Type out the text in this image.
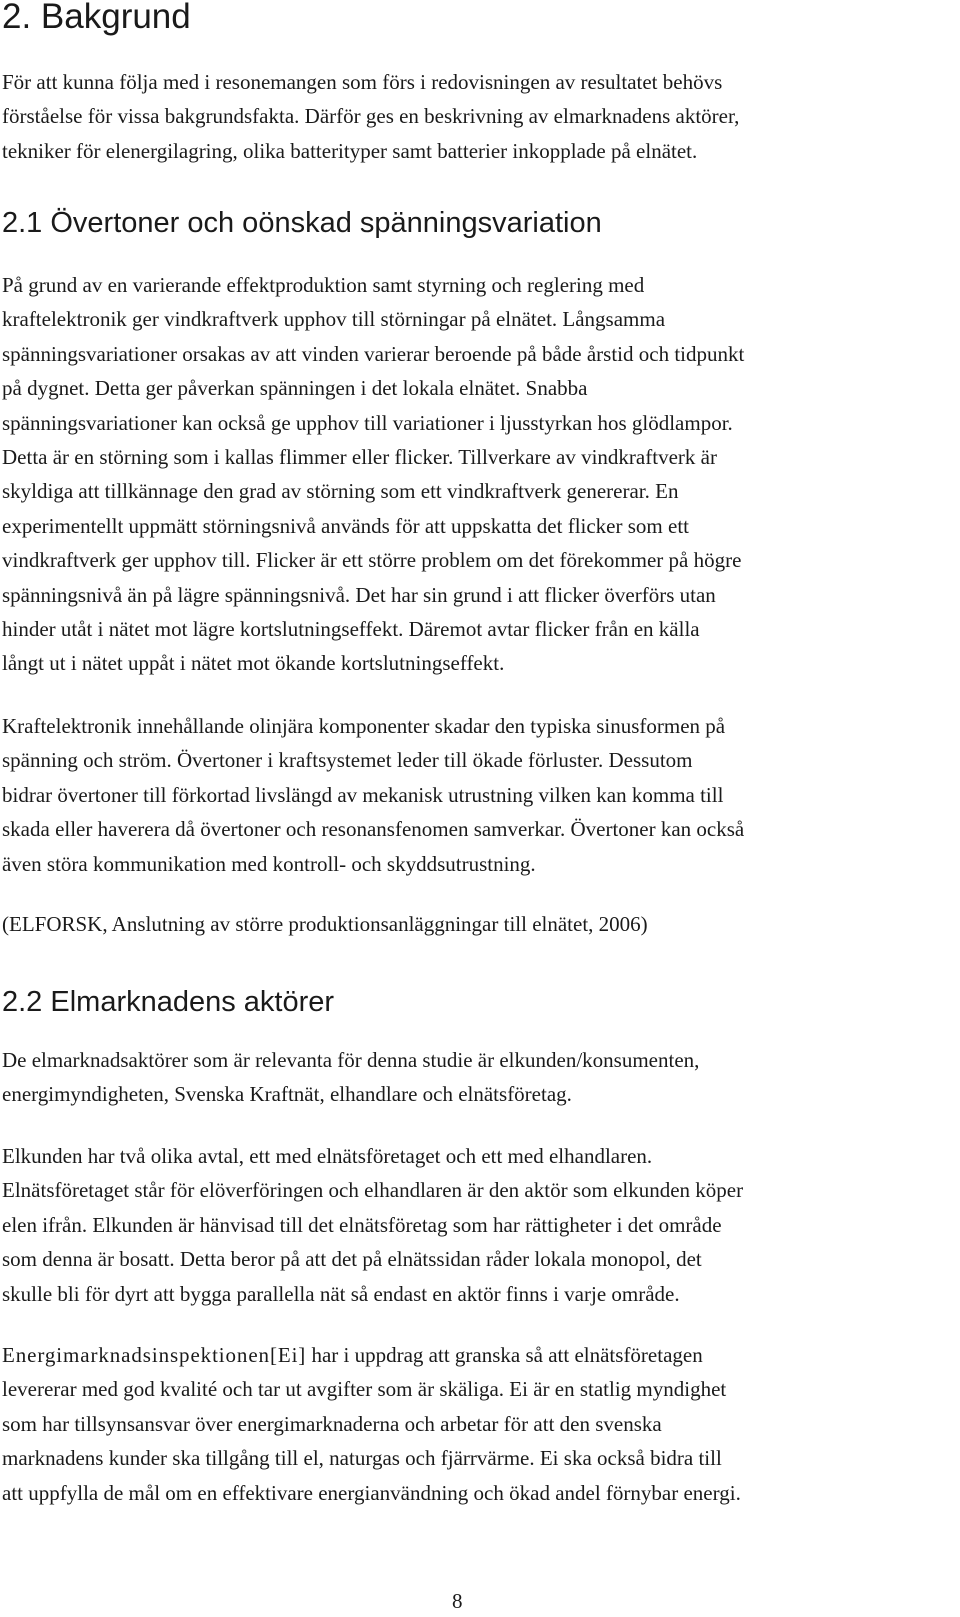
2. Bakgrund

För att kunna följa med i resonemangen som förs i redovisningen av resultatet behövs
förståelse för vissa bakgrundsfakta. Därför ges en beskrivning av elmarknadens aktörer,
tekniker för elenergilagring, olika batterityper samt batterier inkopplade på elnätet.

2.1 Övertoner och oönskad spänningsvariation

På grund av en varierande effektproduktion samt styrning och reglering med
kraftelektronik ger vindkraftverk upphov till störningar på elnätet. Långsamma
spänningsvariationer orsakas av att vinden varierar beroende på både årstid och tidpunkt
på dygnet. Detta ger påverkan spänningen i det lokala elnätet. Snabba
spänningsvariationer kan också ge upphov till variationer i ljusstyrkan hos glödlampor.
Detta är en störning som i kallas flimmer eller flicker. Tillverkare av vindkraftverk är
skyldiga att tillkännage den grad av störning som ett vindkraftverk genererar. En
experimentellt uppmätt störningsnivå används för att uppskatta det flicker som ett
vindkraftverk ger upphov till. Flicker är ett större problem om det förekommer på högre
spänningsnivå än på lägre spänningsnivå. Det har sin grund i att flicker överförs utan
hinder utåt i nätet mot lägre kortslutningseffekt. Däremot avtar flicker från en källa
långt ut i nätet uppåt i nätet mot ökande kortslutningseffekt.

Kraftelektronik innehållande olinjära komponenter skadar den typiska sinusformen på
spänning och ström. Övertoner i kraftsystemet leder till ökade förluster. Dessutom
bidrar övertoner till förkortad livslängd av mekanisk utrustning vilken kan komma till
skada eller haverera då övertoner och resonansfenomen samverkar. Övertoner kan också
även störa kommunikation med kontroll- och skyddsutrustning.

(ELFORSK, Anslutning av större produktionsanläggningar till elnätet, 2006)

2.2 Elmarknadens aktörer

De elmarknadsaktörer som är relevanta för denna studie är elkunden/konsumenten,
energimyndigheten, Svenska Kraftnät, elhandlare och elnätsföretag.

Elkunden har två olika avtal, ett med elnätsföretaget och ett med elhandlaren.
Elnätsföretaget står för elöverföringen och elhandlaren är den aktör som elkunden köper
elen ifrån. Elkunden är hänvisad till det elnätsföretag som har rättigheter i det område
som denna är bosatt. Detta beror på att det på elnätssidan råder lokala monopol, det
skulle bli för dyrt att bygga parallella nät så endast en aktör finns i varje område.

Energimarknadsinspektionen[Ei] har i uppdrag att granska så att elnätsföretagen
levererar med god kvalité och tar ut avgifter som är skäliga. Ei är en statlig myndighet
som har tillsynsansvar över energimarknaderna och arbetar för att den svenska
marknadens kunder ska tillgång till el, naturgas och fjärrvärme. Ei ska också bidra till
att uppfylla de mål om en effektivare energianvändning och ökad andel förnybar energi.

8
